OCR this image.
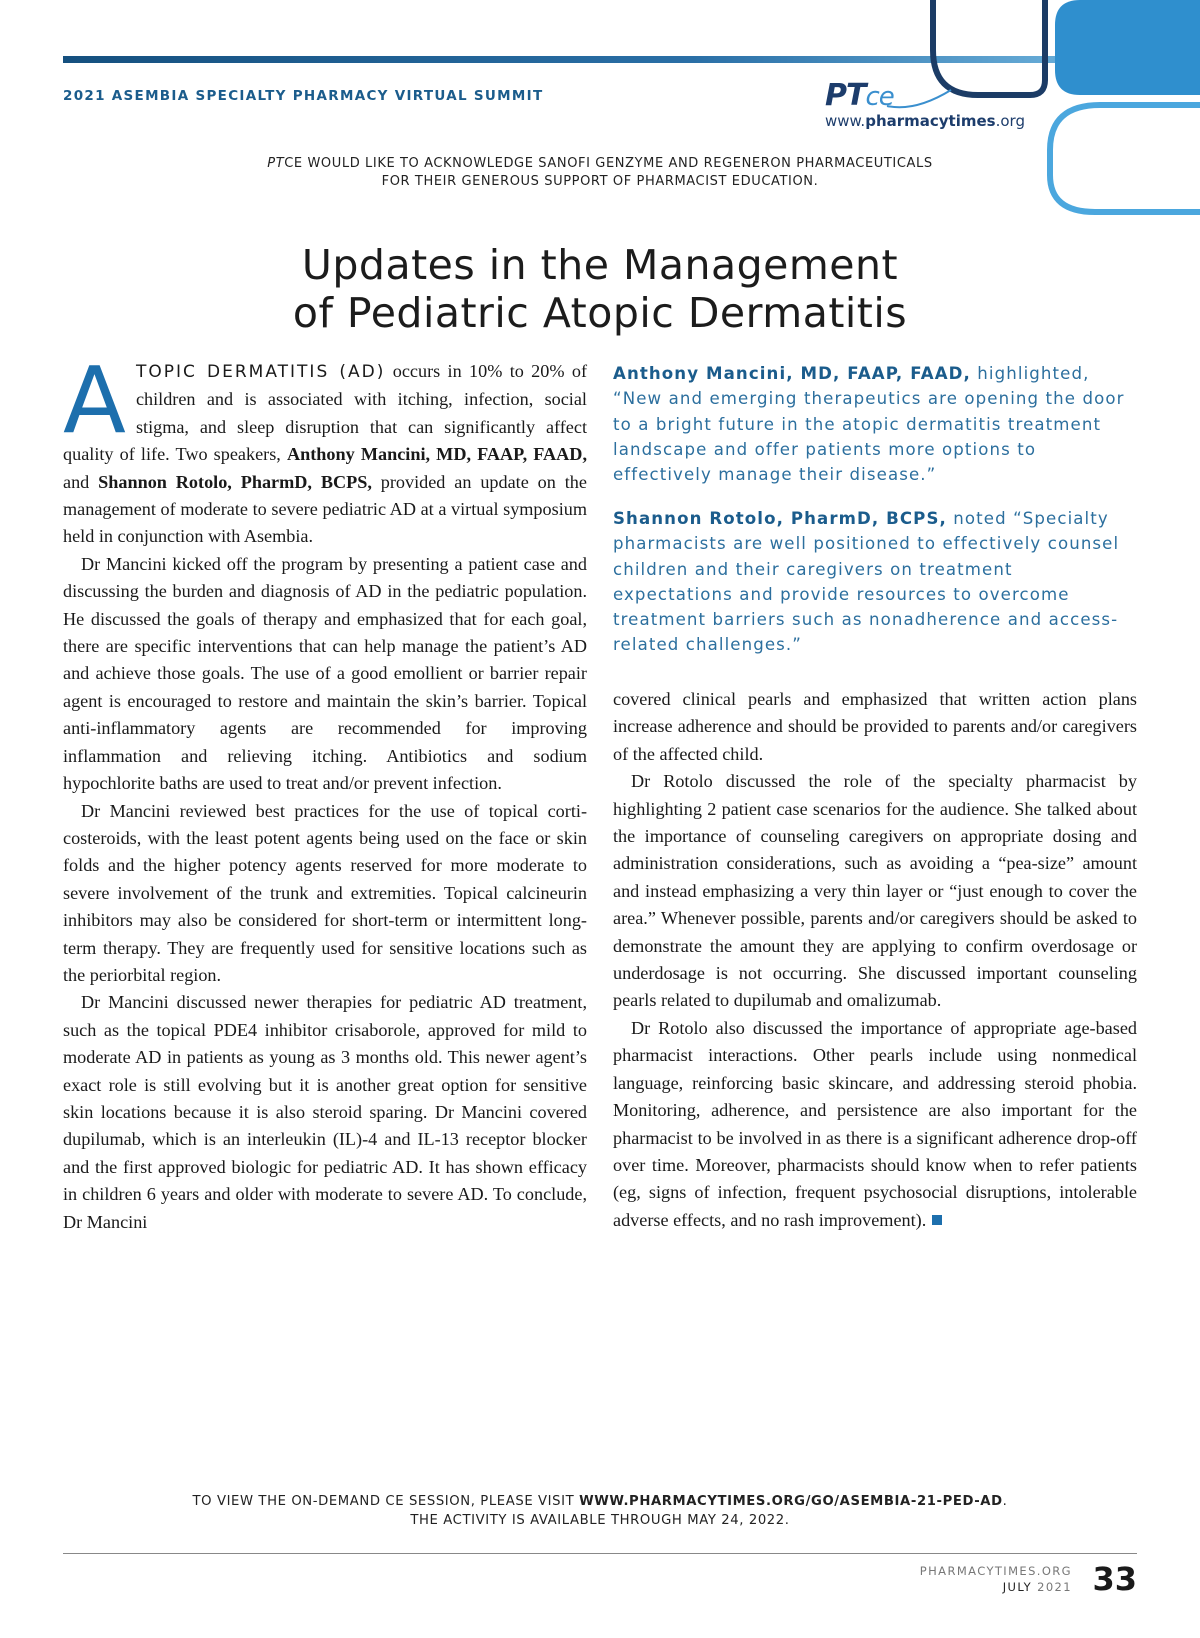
2021 ASEMBIA SPECIALTY PHARMACY VIRTUAL SUMMIT	PTce
www.pharmacytimes.org
PTCE WOULD LIKE TO ACKNOWLEDGE SANOFI GENZYME AND REGENERON PHARMACEUTICALS
FOR THEIR GENEROUS SUPPORT OF PHARMACIST EDUCATION.
Updates in the Management
of Pediatric Atopic Dermatitis

ATOPIC DERMATITIS (AD) occurs in 10% to 20% of children and is associated with itching, infection, social stigma, and sleep disruption that can significantly affect quality of life. Two speakers, Anthony Mancini, MD, FAAP, FAAD, and Shannon Rotolo, PharmD, BCPS, provided an update on the management of moderate to severe pediatric AD at a virtual symposium held in conjunction with Asembia.

Dr Mancini kicked off the program by presenting a patient case and discussing the burden and diagnosis of AD in the pediatric population. He discussed the goals of therapy and emphasized that for each goal, there are specific interventions that can help manage the patient’s AD and achieve those goals. The use of a good emollient or barrier repair agent is encouraged to restore and maintain the skin’s barrier. Topical anti-inflammatory agents are recommended for improving inflammation and relieving itching. Antibiotics and sodium hypochlorite baths are used to treat and/or prevent infection.

Dr Mancini reviewed best practices for the use of topical corticosteroids, with the least potent agents being used on the face or skin folds and the higher potency agents reserved for more moderate to severe involvement of the trunk and extremities. Topical calcineurin inhibitors may also be considered for short-term or intermittent long-term therapy. They are frequently used for sensitive locations such as the periorbital region.

Dr Mancini discussed newer therapies for pediatric AD treatment, such as the topical PDE4 inhibitor crisaborole, approved for mild to moderate AD in patients as young as 3 months old. This newer agent’s exact role is still evolving but it is another great option for sensitive skin locations because it is also steroid sparing. Dr Mancini covered dupilumab, which is an interleukin (IL)-4 and IL-13 receptor blocker and the first approved biologic for pediatric AD. It has shown efficacy in children 6 years and older with moderate to severe AD. To conclude, Dr Mancini

Anthony Mancini, MD, FAAP, FAAD, highlighted, “New and emerging therapeutics are opening the door to a bright future in the atopic dermatitis treatment landscape and offer patients more options to effectively manage their disease.”
Shannon Rotolo, PharmD, BCPS, noted “Specialty pharmacists are well positioned to effectively counsel children and their caregivers on treatment expectations and provide resources to overcome treatment barriers such as nonadherence and access-related challenges.”

covered clinical pearls and emphasized that written action plans increase adherence and should be provided to parents and/or caregivers of the affected child.

Dr Rotolo discussed the role of the specialty pharmacist by highlighting 2 patient case scenarios for the audience. She talked about the importance of counseling caregivers on appropriate dosing and administration considerations, such as avoiding a “pea-size” amount and instead emphasizing a very thin layer or “just enough to cover the area.” Whenever possible, parents and/or caregivers should be asked to demonstrate the amount they are applying to confirm overdosage or underdosage is not occurring. She discussed important counseling pearls related to dupilumab and omalizumab.

Dr Rotolo also discussed the importance of appropriate age-based pharmacist interactions. Other pearls include using nonmedical language, reinforcing basic skincare, and addressing steroid phobia. Monitoring, adherence, and persistence are also important for the pharmacist to be involved in as there is a significant adherence drop-off over time. Moreover, pharmacists should know when to refer patients (eg, signs of infection, frequent psychosocial disruptions, intolerable adverse effects, and no rash improvement).

TO VIEW THE ON-DEMAND CE SESSION, PLEASE VISIT WWW.PHARMACYTIMES.ORG/GO/ASEMBIA-21-PED-AD.
THE ACTIVITY IS AVAILABLE THROUGH MAY 24, 2022.
PHARMACYTIMES.ORG
JULY 2021 33
